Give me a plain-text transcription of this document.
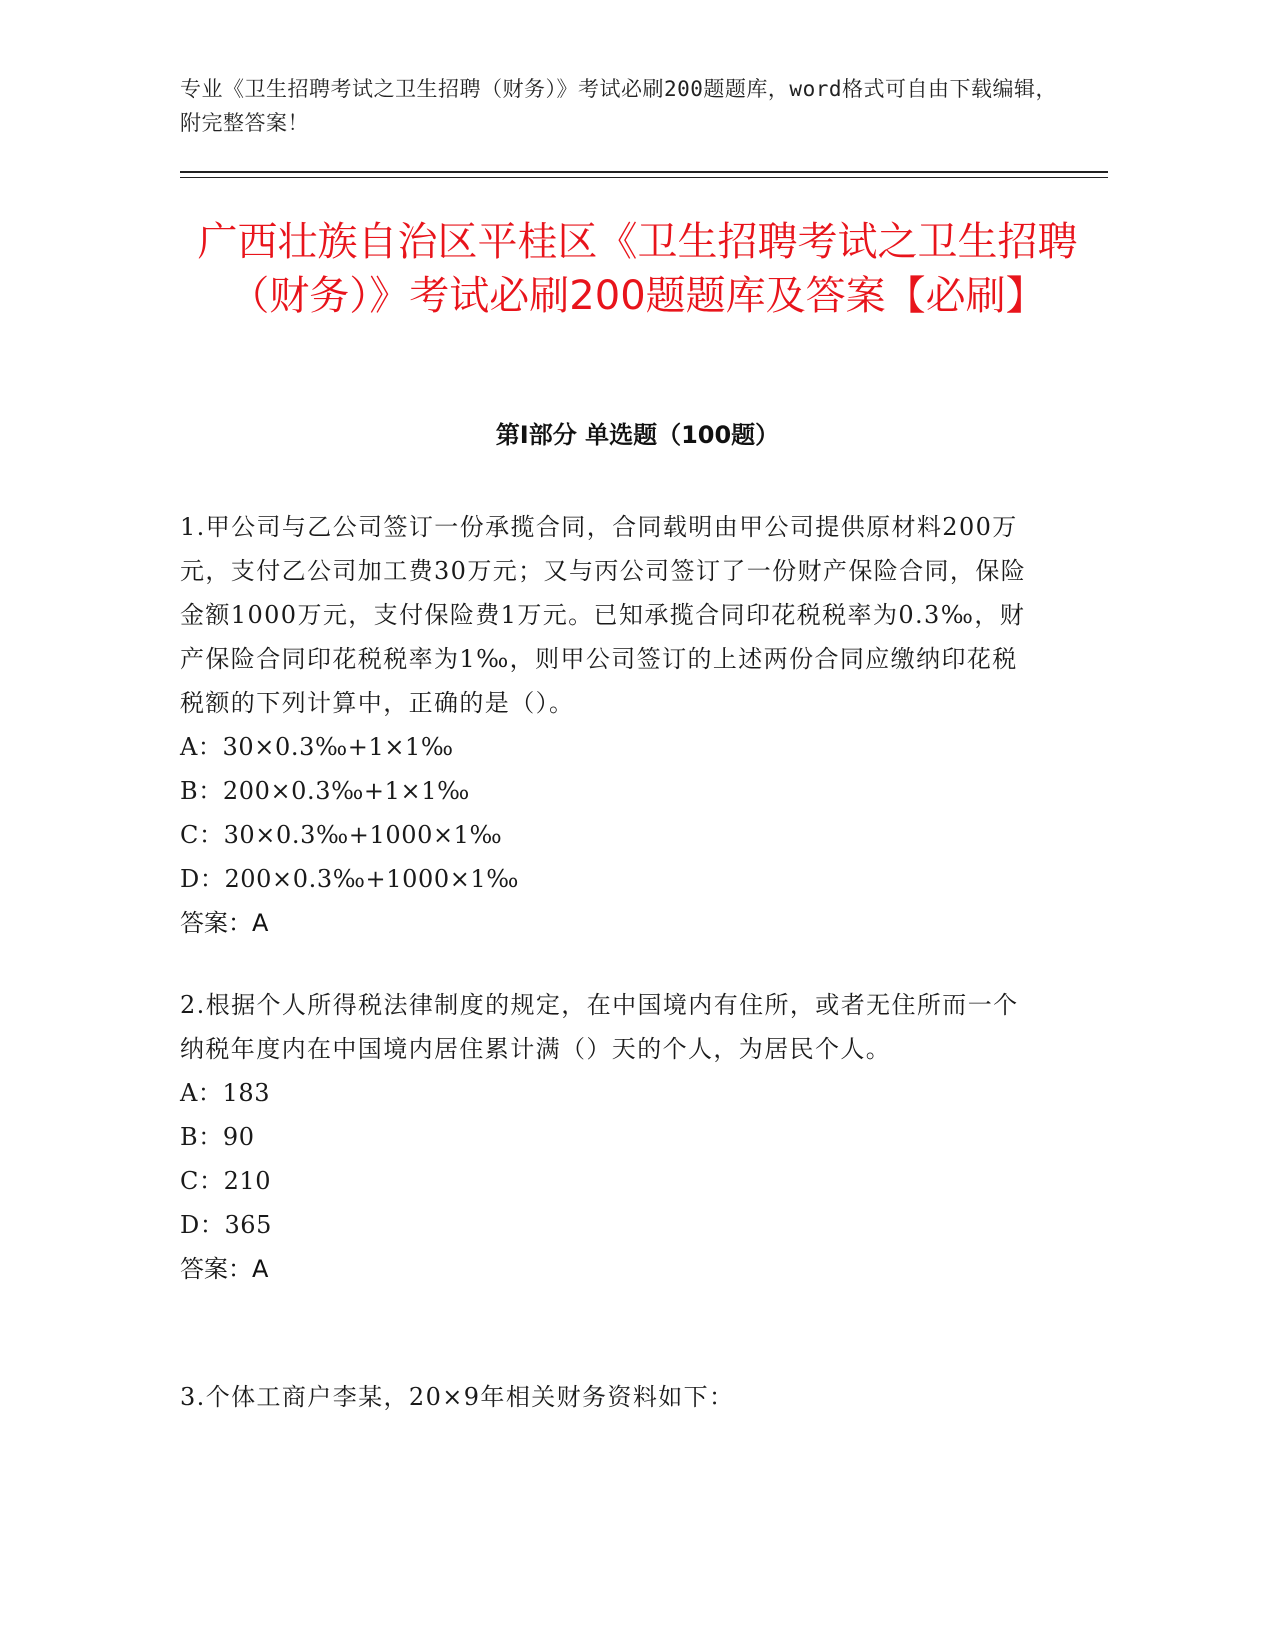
专业《卫生招聘考试之卫生招聘（财务）》考试必刷200题题库，word格式可自由下载编辑，附完整答案！
广西壮族自治区平桂区《卫生招聘考试之卫生招聘（财务）》考试必刷200题题库及答案【必刷】
第Ⅰ部分 单选题（100题）

1.甲公司与乙公司签订一份承揽合同，合同载明由甲公司提供原材料200万元，支付乙公司加工费30万元；又与丙公司签订了一份财产保险合同，保险金额1000万元，支付保险费1万元。已知承揽合同印花税税率为0.3‰，财产保险合同印花税税率为1‰，则甲公司签订的上述两份合同应缴纳印花税税额的下列计算中，正确的是（）。

A：30×0.3‰+1×1‰

B：200×0.3‰+1×1‰

C：30×0.3‰+1000×1‰

D：200×0.3‰+1000×1‰

答案：A

2.根据个人所得税法律制度的规定，在中国境内有住所，或者无住所而一个纳税年度内在中国境内居住累计满（）天的个人，为居民个人。

A：183

B：90

C：210

D：365

答案：A

3.个体工商户李某，20×9年相关财务资料如下：
